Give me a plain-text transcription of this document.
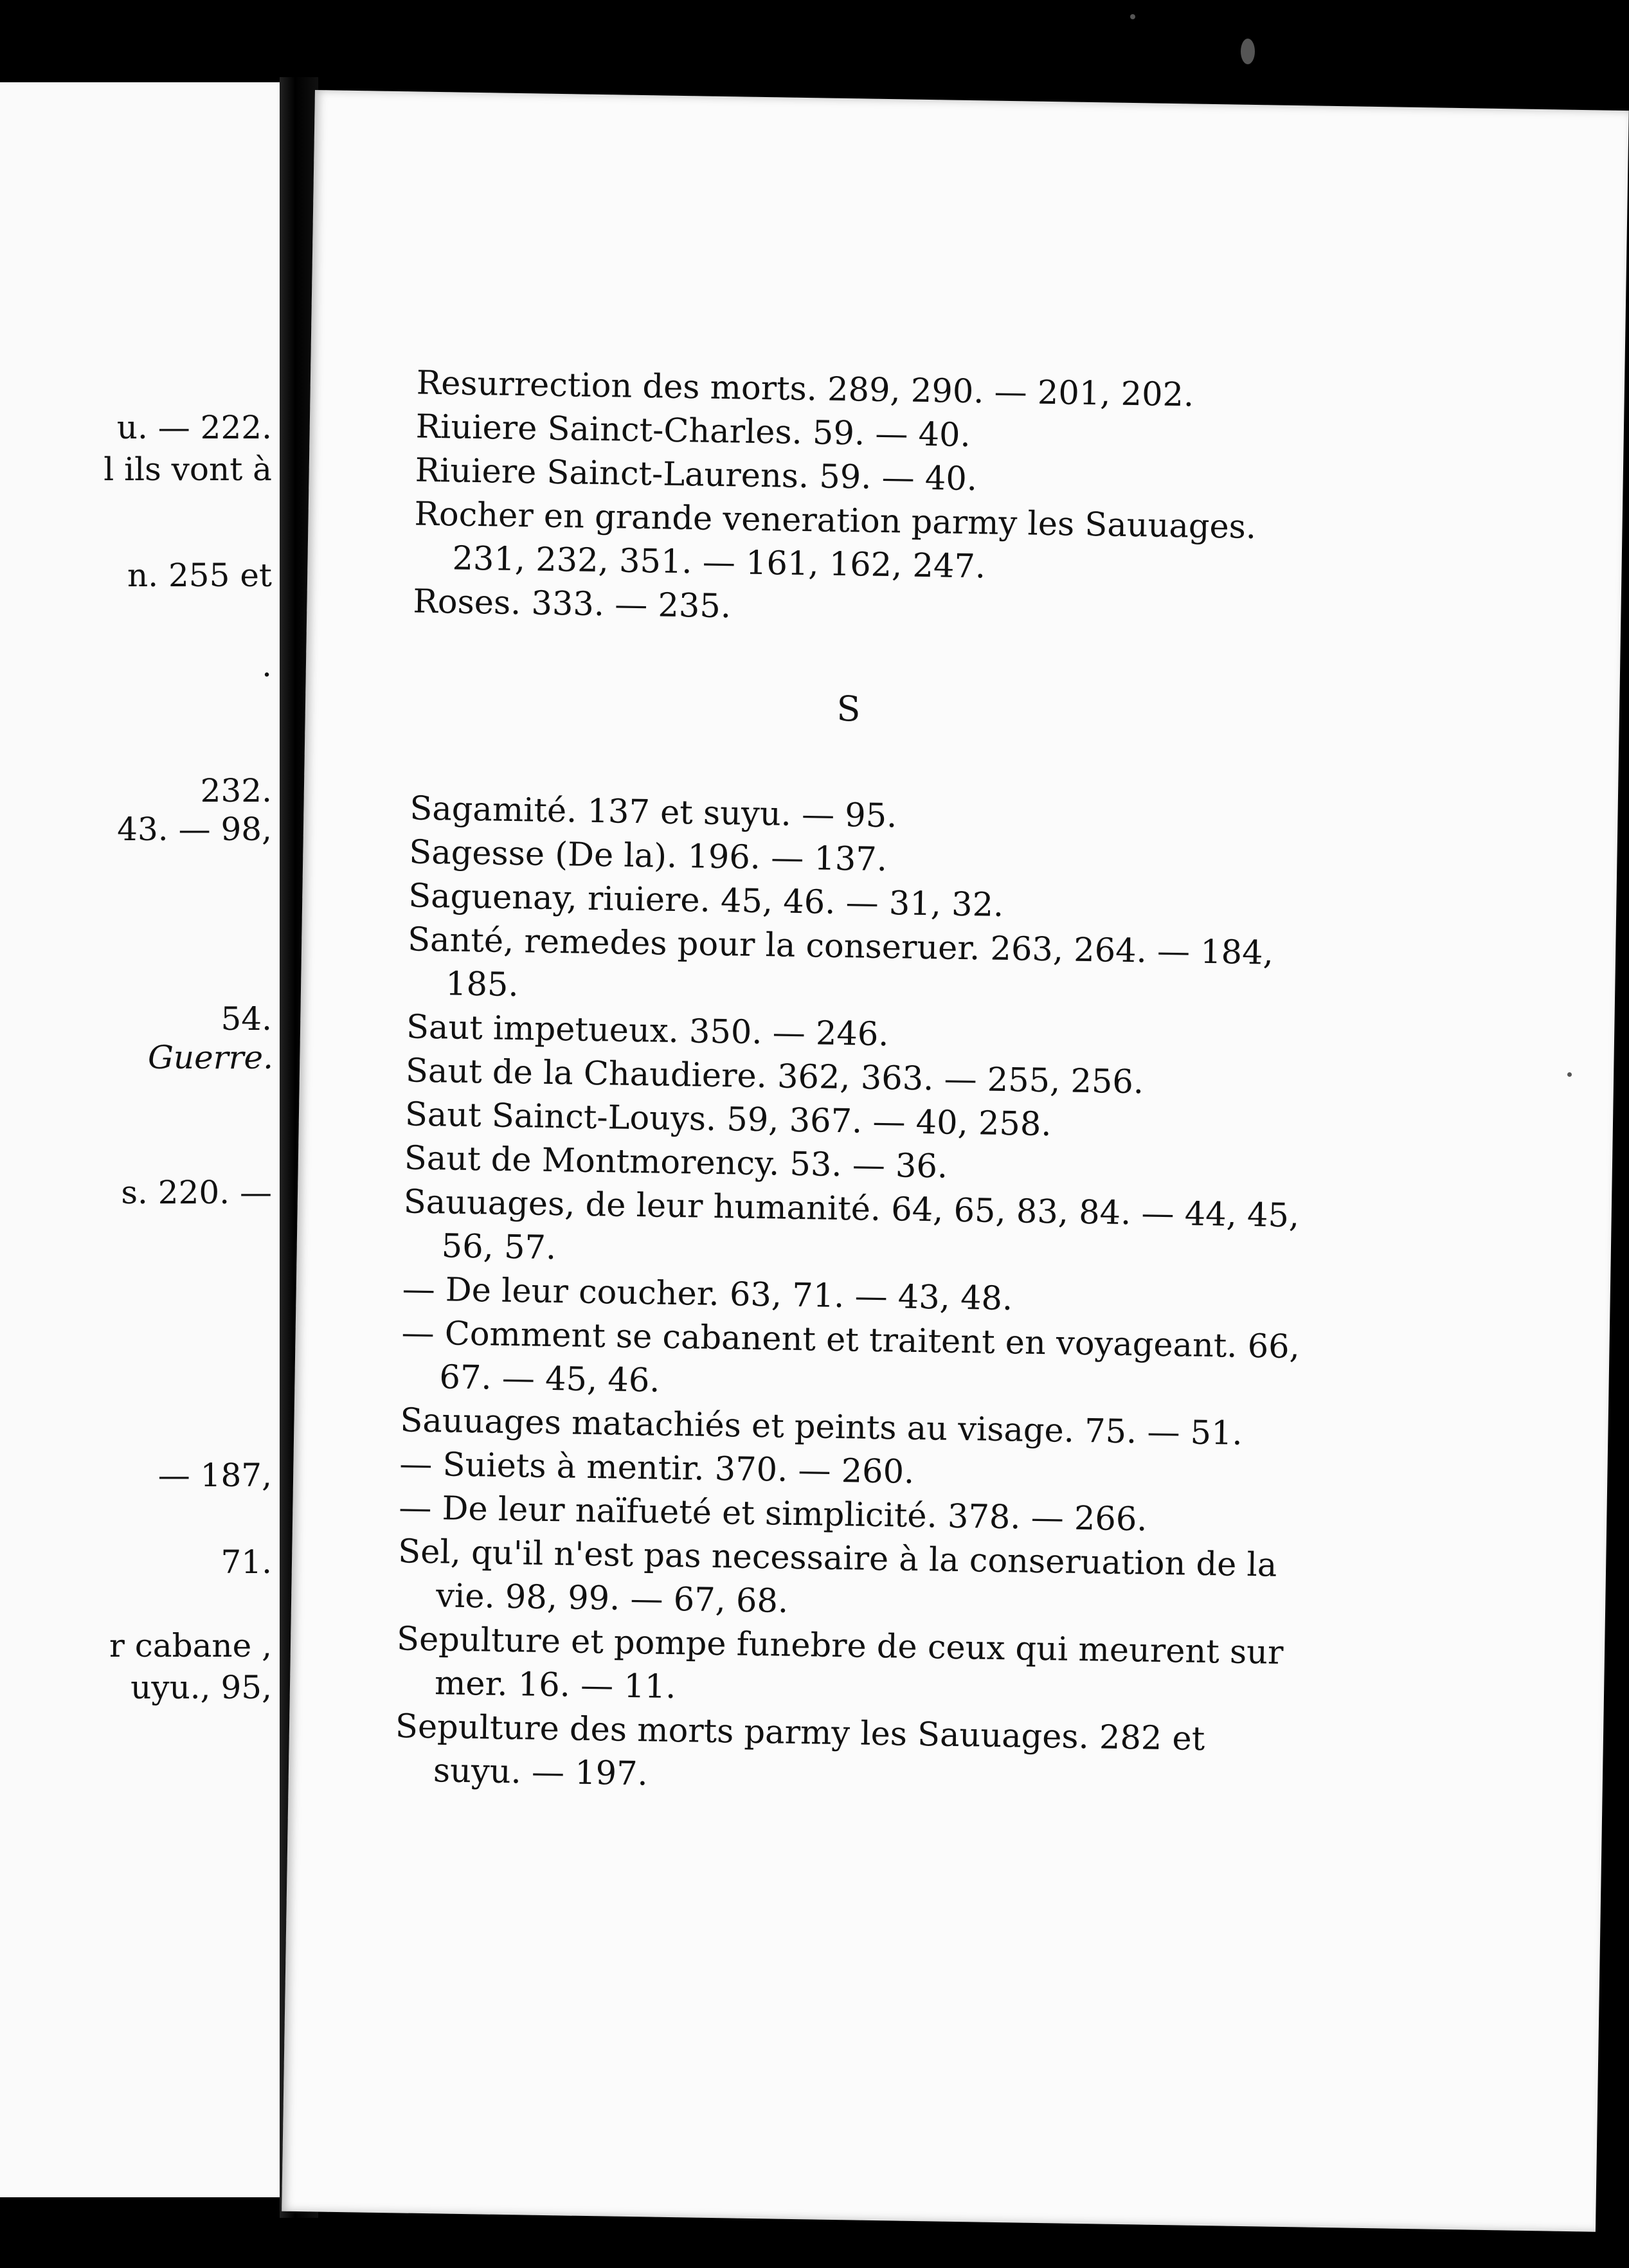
u. — 222.
l ils vont à
n. 255 et
.
232.
43. — 98,
54.
Guerre.
s. 220. —
— 187,
71.
r cabane ,
uyu., 95,
Resurrection des morts. 289, 290. — 201, 202.
Riuiere Sainct-Charles. 59. — 40.
Riuiere Sainct-Laurens. 59. — 40.
Rocher en grande veneration parmy les Sauuages. 231, 232, 351. — 161, 162, 247.
Roses. 333. — 235.
S
Sagamité. 137 et suyu. — 95.
Sagesse (De la). 196. — 137.
Saguenay, riuiere. 45, 46. — 31, 32.
Santé, remedes pour la conseruer. 263, 264. — 184, 185.
Saut impetueux. 350. — 246.
Saut de la Chaudiere. 362, 363. — 255, 256.
Saut Sainct-Louys. 59, 367. — 40, 258.
Saut de Montmorency. 53. — 36.
Sauuages, de leur humanité. 64, 65, 83, 84. — 44, 45, 56, 57.
— De leur coucher. 63, 71. — 43, 48.
— Comment se cabanent et traitent en voyageant. 66, 67. — 45, 46.
Sauuages matachiés et peints au visage. 75. — 51.
— Suiets à mentir. 370. — 260.
— De leur naïfueté et simplicité. 378. — 266.
Sel, qu'il n'est pas necessaire à la conseruation de la vie. 98, 99. — 67, 68.
Sepulture et pompe funebre de ceux qui meurent sur mer. 16. — 11.
Sepulture des morts parmy les Sauuages. 282 et suyu. — 197.
